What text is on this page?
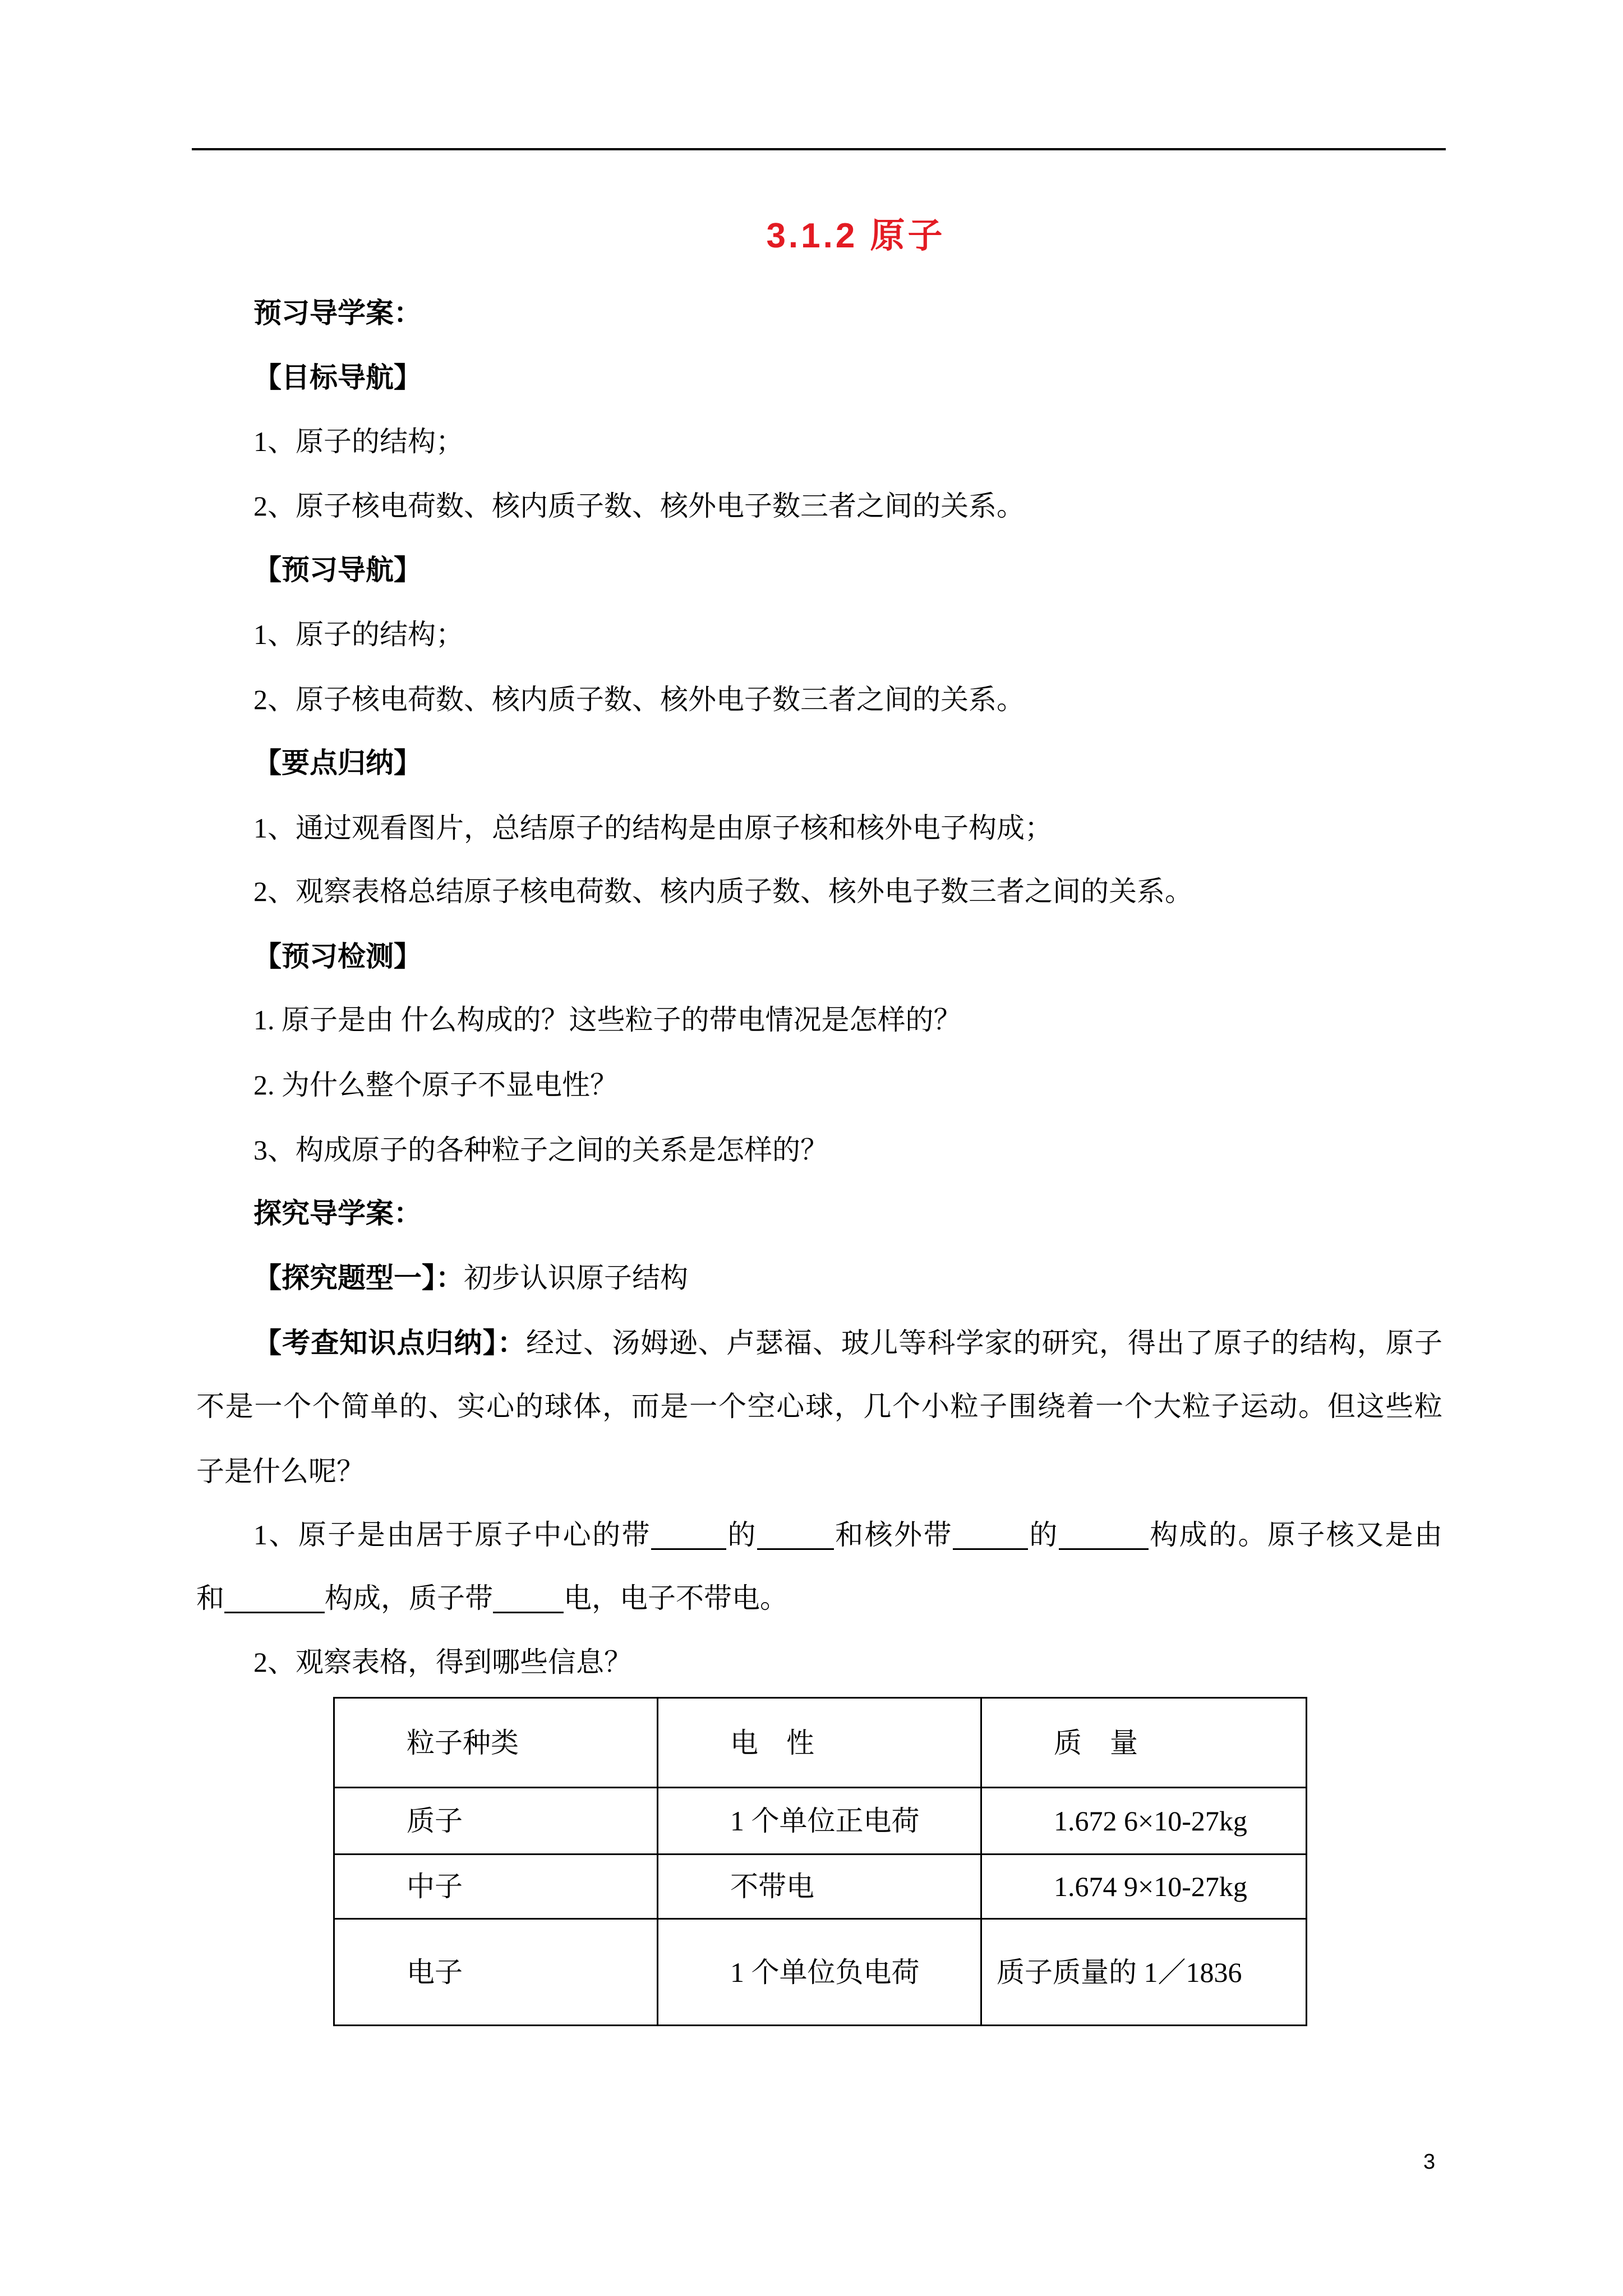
3.1.2 原子
预习导学案：
【目标导航】
1、原子的结构；
2、原子核电荷数、核内质子数、核外电子数三者之间的关系。
【预习导航】
1、原子的结构；
2、原子核电荷数、核内质子数、核外电子数三者之间的关系。
【要点归纳】
1、通过观看图片，总结原子的结构是由原子核和核外电子构成；
2、观察表格总结原子核电荷数、核内质子数、核外电子数三者之间的关系。
【预习检测】
1. 原子是由 什么构成的？这些粒子的带电情况是怎样的？
2. 为什么整个原子不显电性？
3、构成原子的各种粒子之间的关系是怎样的？
探究导学案：
【探究题型一】：初步认识原子结构
【考查知识点归纳】：经过、汤姆逊、卢瑟福、玻儿等科学家的研究，得出了原子的结构，原子
不是一个个简单的、实心的球体，而是一个空心球，几个小粒子围绕着一个大粒子运动。但这些粒
子是什么呢？
1、原子是由居于原子中心的带	的	和核外带	的	构成的。原子核又是由
和	构成，质子带	电，电子不带电。
2、观察表格，得到哪些信息？
粒子种类	电　性	质　量
质子	1 个单位正电荷	1.672 6×10-27kg
中子	不带电	1.674 9×10-27kg
电子	1 个单位负电荷	质子质量的 1／1836
3
